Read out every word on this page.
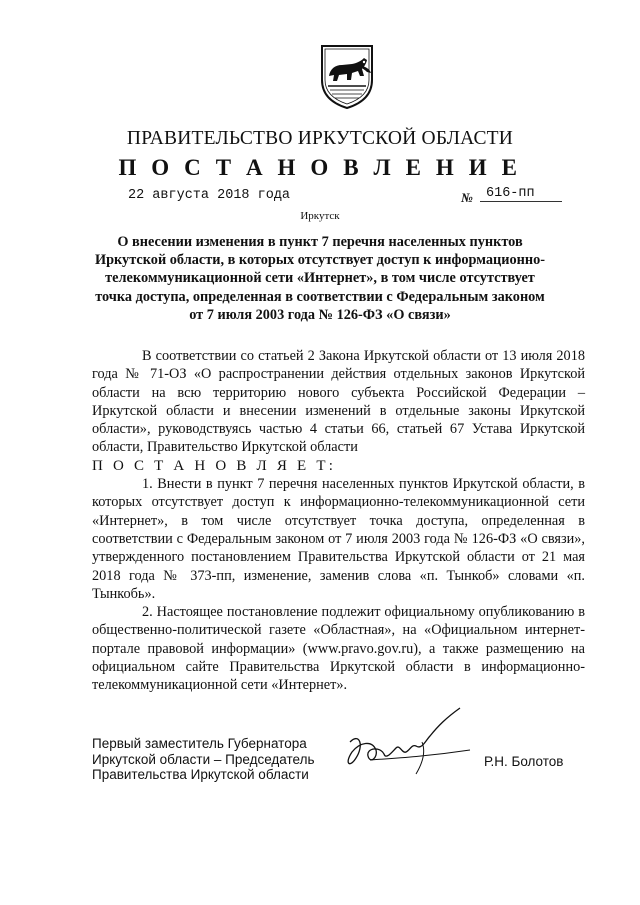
ПРАВИТЕЛЬСТВО ИРКУТСКОЙ ОБЛАСТИ
П О С Т А Н О В Л Е Н И Е
22 августа 2018 года	№ 616-пп
Иркутск
О внесении изменения в пункт 7 перечня населенных пунктов
Иркутской области, в которых отсутствует доступ к информационно-
телекоммуникационной сети «Интернет», в том числе отсутствует
точка доступа, определенная в соответствии с Федеральным законом
от 7 июля 2003 года № 126-ФЗ «О связи»

В соответствии со статьей 2 Закона Иркутской области от 13 июля 2018 года № 71-ОЗ «О распространении действия отдельных законов Иркутской области на всю территорию нового субъекта Российской Федерации – Иркутской области и внесении изменений в отдельные законы Иркутской области», руководствуясь частью 4 статьи 66, статьей 67 Устава Иркутской области, Правительство Иркутской области

П О С Т А Н О В Л Я Е Т:

1. Внести в пункт 7 перечня населенных пунктов Иркутской области, в которых отсутствует доступ к информационно-телекоммуникационной сети «Интернет», в том числе отсутствует точка доступа, определенная в соответствии с Федеральным законом от 7 июля 2003 года № 126-ФЗ «О связи», утвержденного постановлением Правительства Иркутской области от 21 мая 2018 года № 373-пп, изменение, заменив слова «п. Тынкоб» словами «п. Тынкобь».

2. Настоящее постановление подлежит официальному опубликованию в общественно-политической газете «Областная», на «Официальном интернет-портале правовой информации» (www.pravo.gov.ru), а также размещению на официальном сайте Правительства Иркутской области в информационно-телекоммуникационной сети «Интернет».

Первый заместитель Губернатора
Иркутской области – Председатель
Правительства Иркутской области
Р.Н. Болотов
